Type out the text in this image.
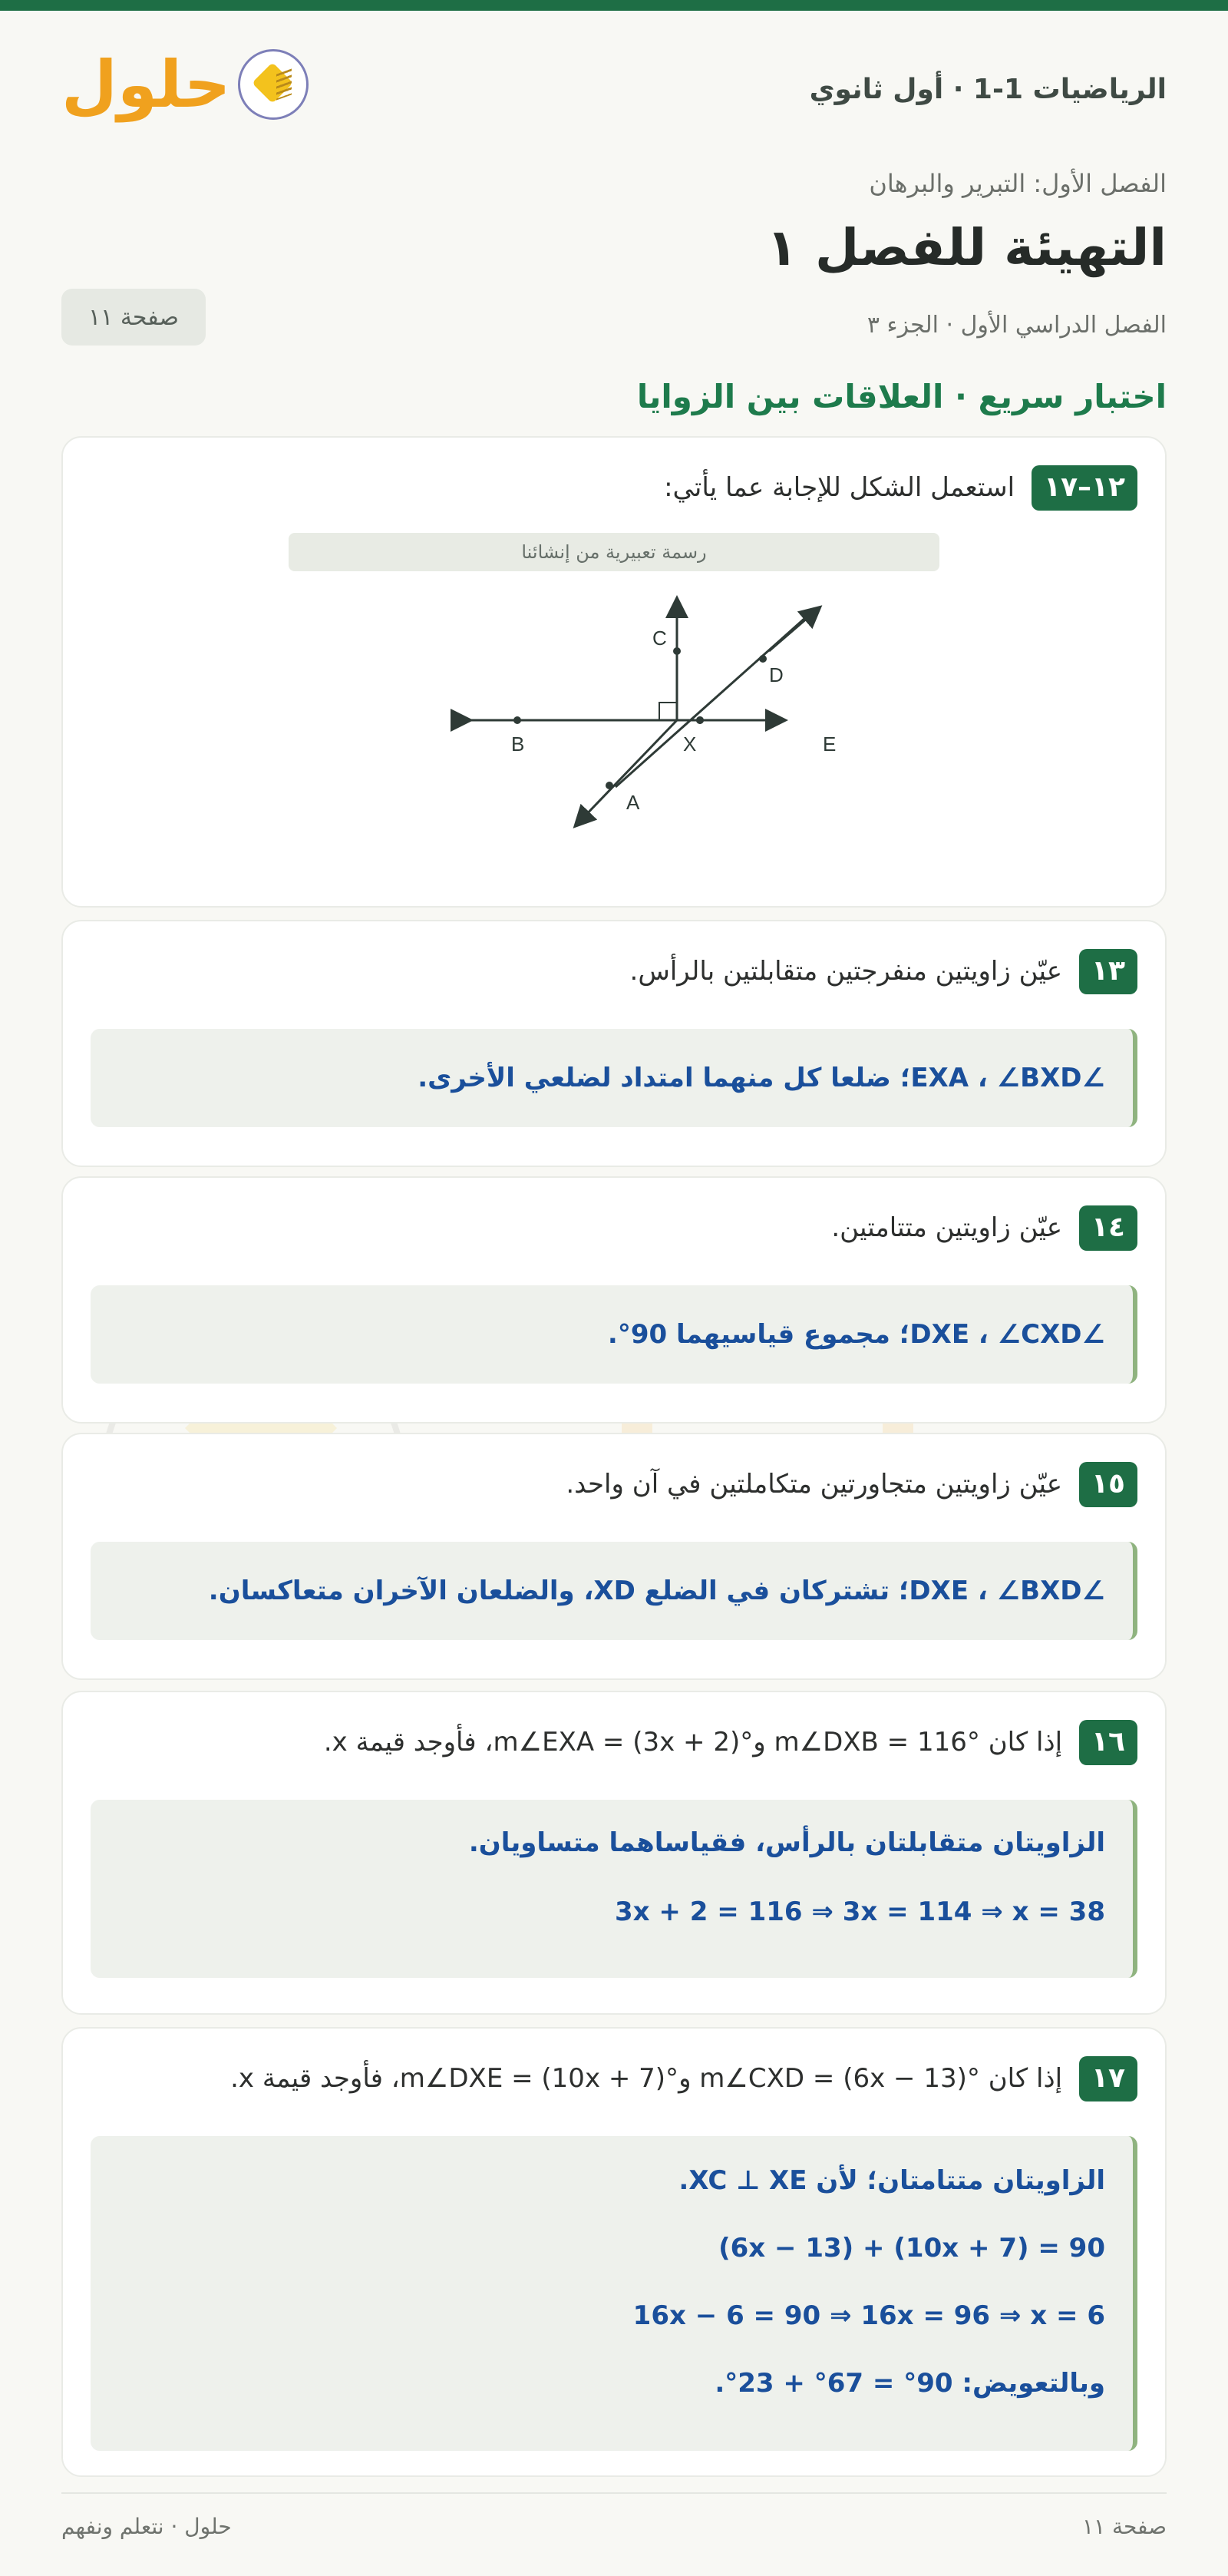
الرياضيات 1-1 · أول ثانوي
حلول
الفصل الأول: التبرير والبرهان
التهيئة للفصل ١
الفصل الدراسي الأول · الجزء ٣
صفحة ١١
اختبار سريع · العلاقات بين الزوايا
١٢–١٧
استعمل الشكل للإجابة عما يأتي:
رسمة تعبيرية من إنشائنا
C
D
B	X	E
A
١٣
عيّن زاويتين منفرجتين متقابلتين بالرأس.
∠EXA ، ∠BXD؛ ضلعا كل منهما امتداد لضلعي الأخرى.
١٤
عيّن زاويتين متتامتين.
∠DXE ، ∠CXD؛ مجموع قياسيهما 90°.
١٥
عيّن زاويتين متجاورتين متكاملتين في آن واحد.
∠DXE ، ∠BXD؛ تشتركان في الضلع XD، والضلعان الآخران متعاكسان.
١٦
إذا كان m∠DXB = 116° وm∠EXA = (3x + 2)°، فأوجد قيمة x.
الزاويتان متقابلتان بالرأس، فقياساهما متساويان.
3x + 2 = 116 ⇒ 3x = 114 ⇒ x = 38
١٧
إذا كان m∠CXD = (6x − 13)° وm∠DXE = (10x + 7)°، فأوجد قيمة x.
الزاويتان متتامتان؛ لأن XC ⊥ XE.
(6x − 13) + (10x + 7) = 90
16x − 6 = 90 ⇒ 16x = 96 ⇒ x = 6
وبالتعويض: 90° = 67° + 23°.
صفحة ١١
حلول · نتعلم ونفهم
